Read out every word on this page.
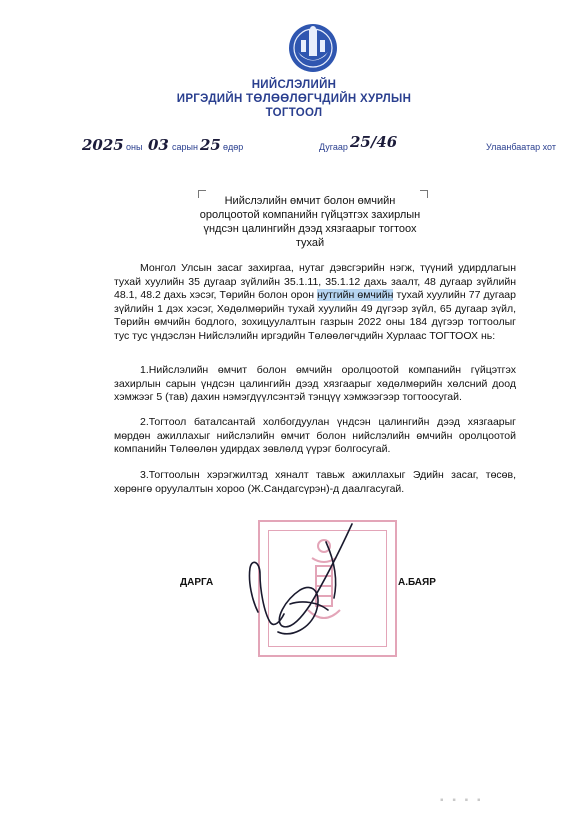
НИЙСЛЭЛИЙН
ИРГЭДИЙН ТӨЛӨӨЛӨГЧДИЙН ХУРЛЫН
ТОГТООЛ
2025 оны 03 сарын 25 өдөр	Дугаар 25/46	Улаанбаатар хот
Нийслэлийн өмчит болон өмчийн
оролцоотой компанийн гүйцэтгэх захирлын
үндсэн цалингийн дээд хязгаарыг тогтоох
тухай

Монгол Улсын засаг захиргаа, нутаг дэвсгэрийн нэгж, түүний удирдлагын тухай хуулийн 35 дугаар зүйлийн 35.1.11, 35.1.12 дахь заалт, 48 дугаар зүйлийн 48.1, 48.2 дахь хэсэг, Төрийн болон орон нутгийн өмчийн тухай хуулийн 77 дугаар зүйлийн 1 дэх хэсэг, Хөдөлмөрийн тухай хуулийн 49 дүгээр зүйл, 65 дугаар зүйл, Төрийн өмчийн бодлого, зохицуулалтын газрын 2022 оны 184 дүгээр тогтоолыг тус тус үндэслэн Нийслэлийн иргэдийн Төлөөлөгчдийн Хурлаас ТОГТООХ нь:

1.Нийслэлийн өмчит болон өмчийн оролцоотой компанийн гүйцэтгэх захирлын сарын үндсэн цалингийн дээд хязгаарыг хөдөлмөрийн хөлсний доод хэмжээг 5 (тав) дахин нэмэгдүүлсэнтэй тэнцүү хэмжээгээр тогтоосугай.

2.Тогтоол баталсантай холбогдуулан үндсэн цалингийн дээд хязгаарыг мөрдөн ажиллахыг нийслэлийн өмчит болон нийслэлийн өмчийн оролцоотой компанийн Төлөөлөн удирдах зөвлөлд үүрэг болгосугай.

3.Тогтоолын хэрэгжилтэд хяналт тавьж ажиллахыг Эдийн засаг, төсөв, хөрөнгө оруулалтын хороо (Ж.Сандагсүрэн)-д даалгасугай.

ДАРГА	А.БАЯР
▪ ▪ ▪ ▪
